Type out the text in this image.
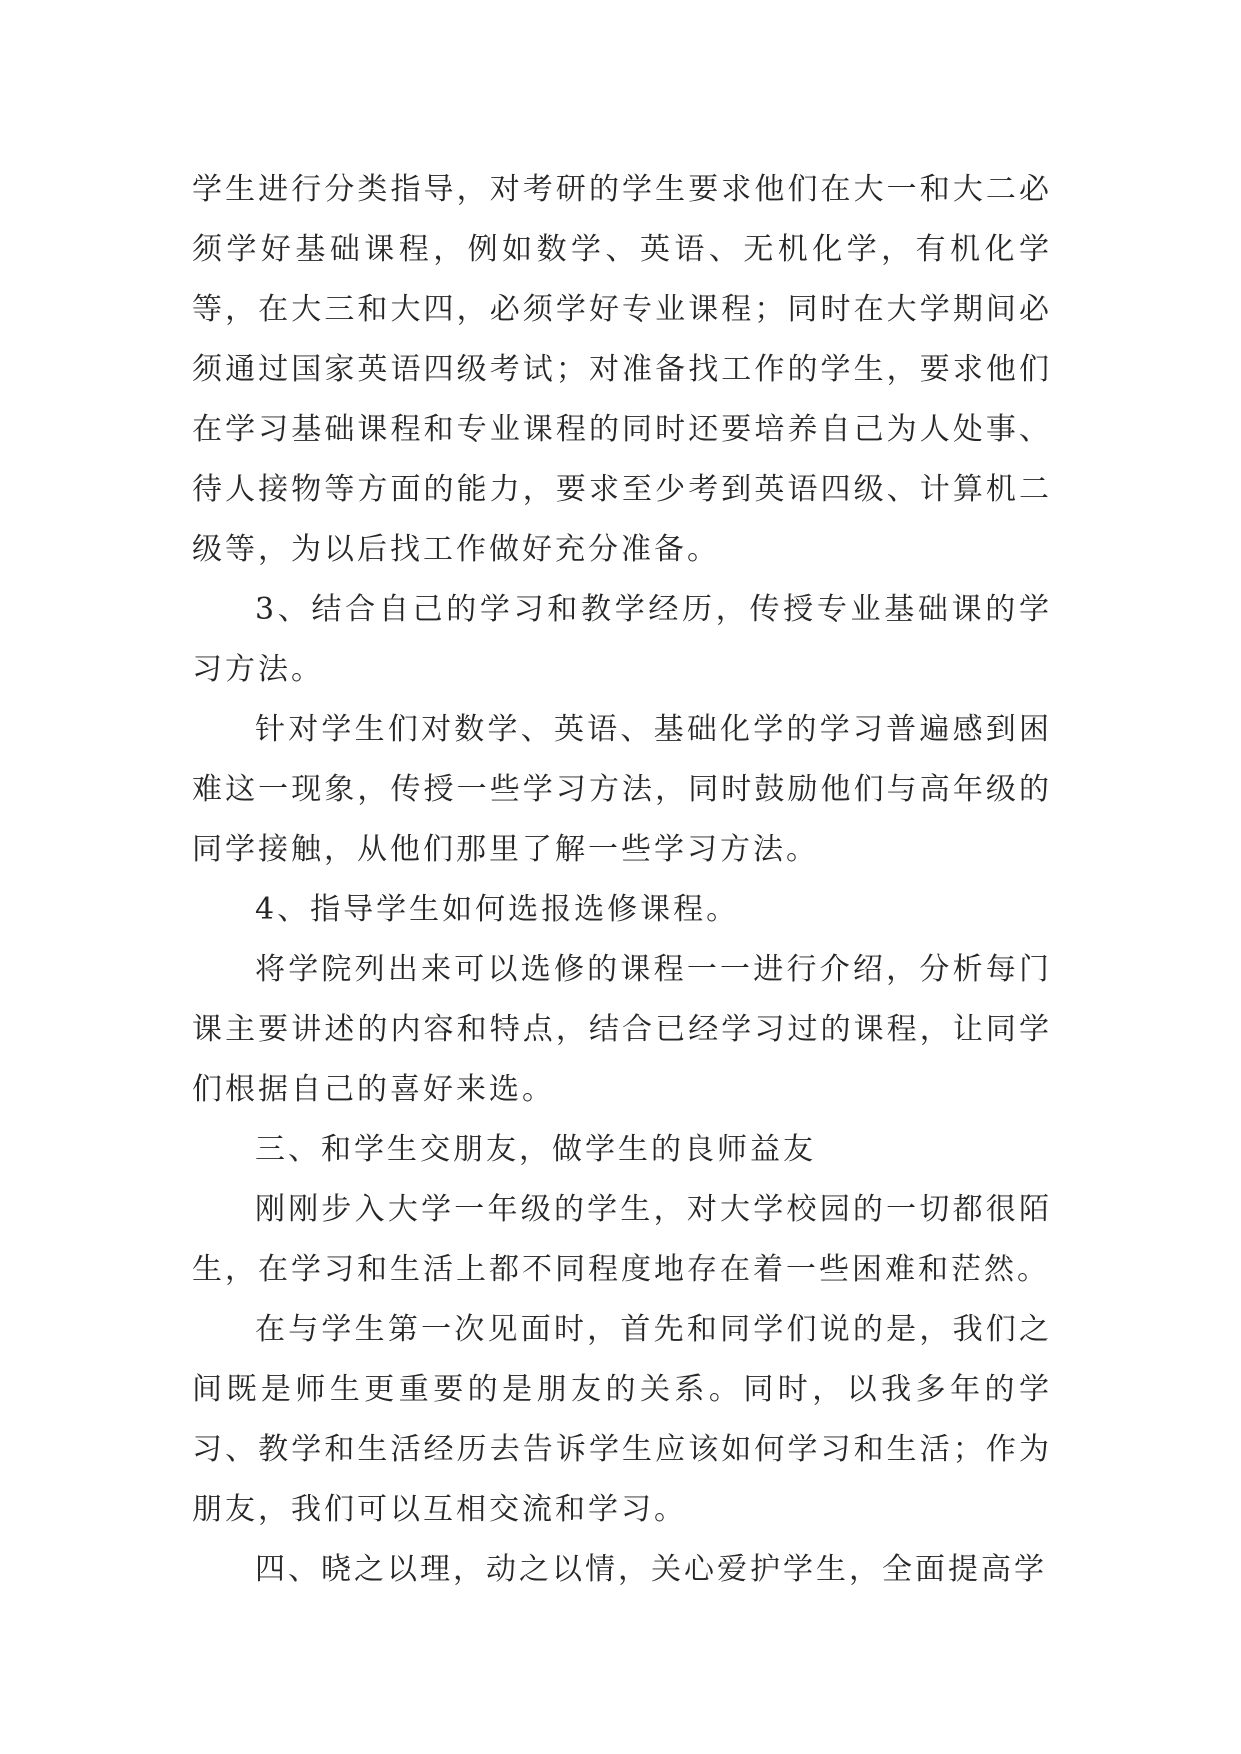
学生进行分类指导，对考研的学生要求他们在大一和大二必须学好基础课程，例如数学、英语、无机化学，有机化学等，在大三和大四，必须学好专业课程；同时在大学期间必须通过国家英语四级考试；对准备找工作的学生，要求他们在学习基础课程和专业课程的同时还要培养自己为人处事、待人接物等方面的能力，要求至少考到英语四级、计算机二级等，为以后找工作做好充分准备。

3、结合自己的学习和教学经历，传授专业基础课的学习方法。

针对学生们对数学、英语、基础化学的学习普遍感到困难这一现象，传授一些学习方法，同时鼓励他们与高年级的同学接触，从他们那里了解一些学习方法。

4、指导学生如何选报选修课程。

将学院列出来可以选修的课程一一进行介绍，分析每门课主要讲述的内容和特点，结合已经学习过的课程，让同学们根据自己的喜好来选。

三、和学生交朋友，做学生的良师益友

刚刚步入大学一年级的学生，对大学校园的一切都很陌生，在学习和生活上都不同程度地存在着一些困难和茫然。

在与学生第一次见面时，首先和同学们说的是，我们之间既是师生更重要的是朋友的关系。同时，以我多年的学习、教学和生活经历去告诉学生应该如何学习和生活；作为朋友，我们可以互相交流和学习。

四、晓之以理，动之以情，关心爱护学生，全面提高学
